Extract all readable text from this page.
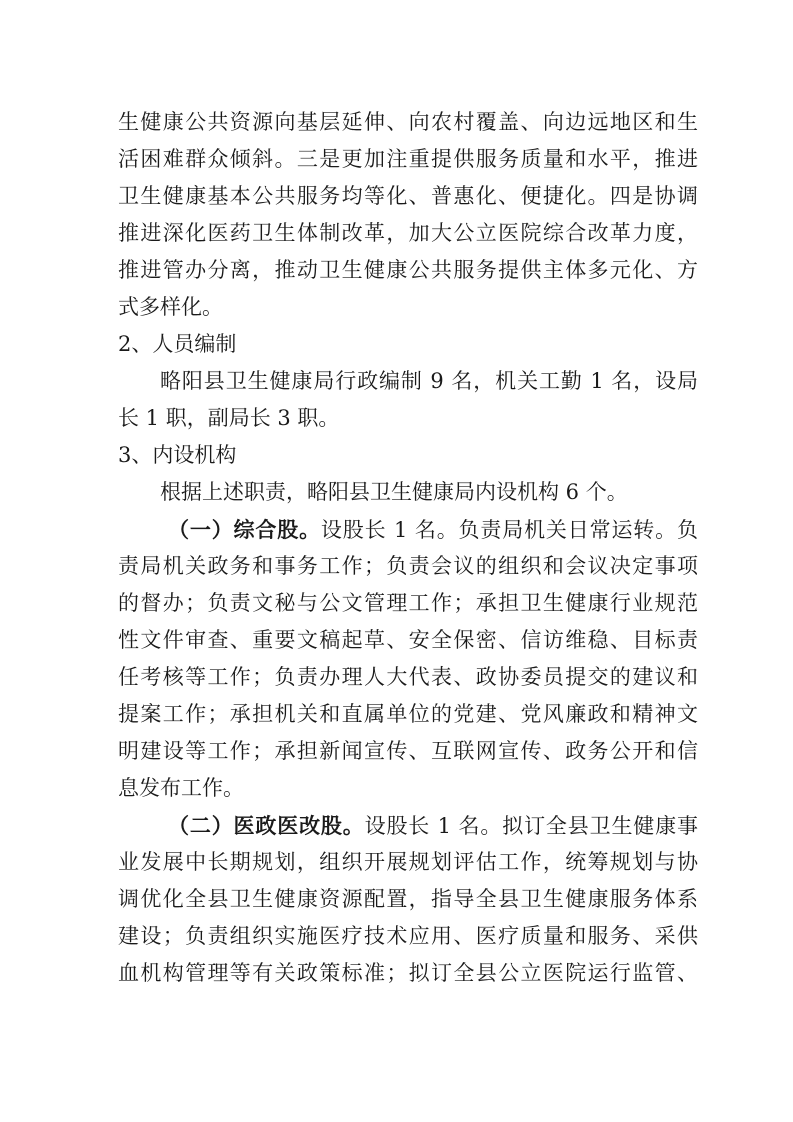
生健康公共资源向基层延伸、向农村覆盖、向边远地区和生
活困难群众倾斜。三是更加注重提供服务质量和水平，推进
卫生健康基本公共服务均等化、普惠化、便捷化。四是协调
推进深化医药卫生体制改革，加大公立医院综合改革力度，
推进管办分离，推动卫生健康公共服务提供主体多元化、方
式多样化。
2、人员编制
略阳县卫生健康局行政编制 9 名，机关工勤 1 名，设局
长 1 职，副局长 3 职。
3、内设机构
根据上述职责，略阳县卫生健康局内设机构 6 个。
（一）综合股。设股长 1 名。负责局机关日常运转。负
责局机关政务和事务工作；负责会议的组织和会议决定事项
的督办；负责文秘与公文管理工作；承担卫生健康行业规范
性文件审查、重要文稿起草、安全保密、信访维稳、目标责
任考核等工作；负责办理人大代表、政协委员提交的建议和
提案工作；承担机关和直属单位的党建、党风廉政和精神文
明建设等工作；承担新闻宣传、互联网宣传、政务公开和信
息发布工作。
（二）医政医改股。设股长 1 名。拟订全县卫生健康事
业发展中长期规划，组织开展规划评估工作，统筹规划与协
调优化全县卫生健康资源配置，指导全县卫生健康服务体系
建设；负责组织实施医疗技术应用、医疗质量和服务、采供
血机构管理等有关政策标准；拟订全县公立医院运行监管、
